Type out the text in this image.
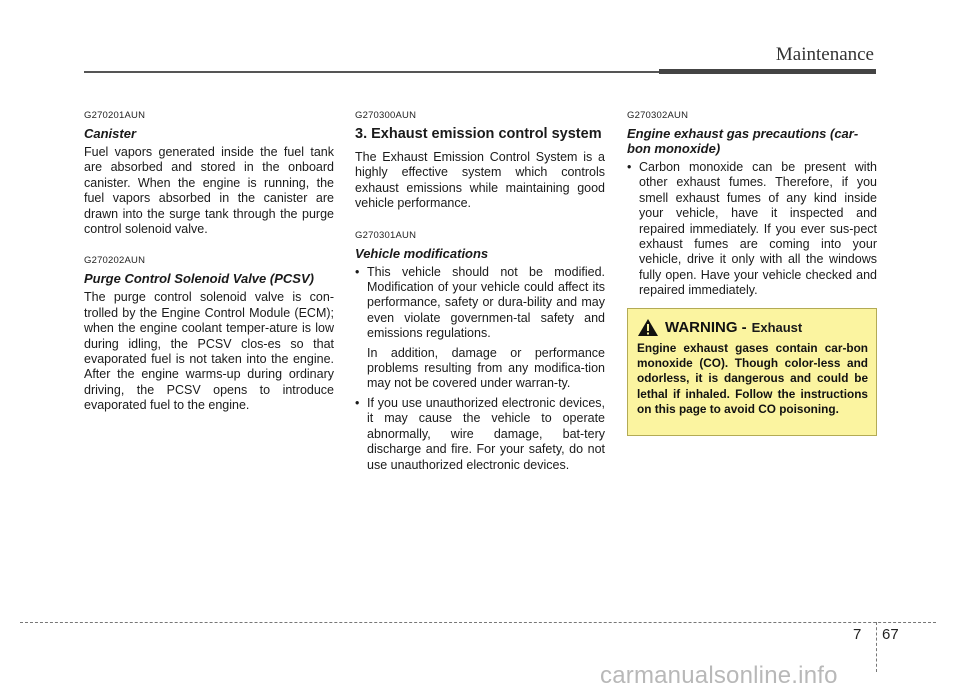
Maintenance
G270201AUN
Canister

Fuel vapors generated inside the fuel tank are absorbed and stored in the onboard canister. When the engine is running, the fuel vapors absorbed in the canister are drawn into the surge tank through the purge control solenoid valve.

G270202AUN
Purge Control Solenoid Valve (PCSV)

The purge control solenoid valve is con-trolled by the Engine Control Module (ECM); when the engine coolant temper-ature is low during idling, the PCSV clos-es so that evaporated fuel is not taken into the engine. After the engine warms-up during ordinary driving, the PCSV opens to introduce evaporated fuel to the engine.

G270300AUN
3. Exhaust emission control system

The Exhaust Emission Control System is a highly effective system which controls exhaust emissions while maintaining good vehicle performance.

G270301AUN
Vehicle modifications
• This vehicle should not be modified. Modification of your vehicle could affect its performance, safety or dura-bility and may even violate governmen-tal safety and emissions regulations.
In addition, damage or performance problems resulting from any modifica-tion may not be covered under warran-ty.
• If you use unauthorized electronic devices, it may cause the vehicle to operate abnormally, wire damage, bat-tery discharge and fire. For your safety, do not use unauthorized electronic devices.
G270302AUN
Engine exhaust gas precautions (car-bon monoxide)
• Carbon monoxide can be present with other exhaust fumes. Therefore, if you smell exhaust fumes of any kind inside your vehicle, have it inspected and repaired immediately. If you ever sus-pect exhaust fumes are coming into your vehicle, drive it only with all the windows fully open. Have your vehicle checked and repaired immediately.
WARNING - Exhaust

Engine exhaust gases contain car-bon monoxide (CO). Though color-less and odorless, it is dangerous and could be lethal if inhaled. Follow the instructions on this page to avoid CO poisoning.

7 67
carmanualsonline.info
